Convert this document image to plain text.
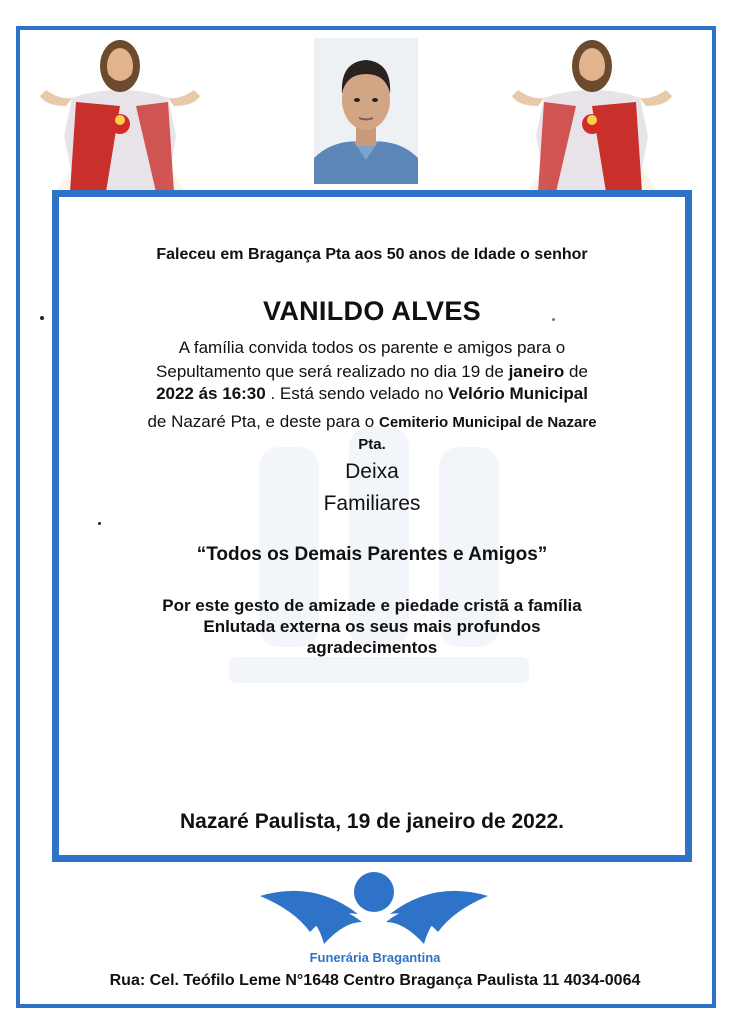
Faleceu em Bragança Pta aos 50 anos de Idade o senhor
VANILDO ALVES
A família convida todos os parente e amigos para o
Sepultamento que será realizado no dia 19 de janeiro de
2022 ás 16:30 . Está sendo velado no Velório Municipal
de Nazaré Pta, e deste para o Cemiterio Municipal de Nazare
Pta.
Deixa
Familiares
“Todos os Demais Parentes e Amigos”
Por este gesto de amizade e piedade cristã a família
Enlutada externa os seus mais profundos
agradecimentos
Nazaré Paulista, 19 de janeiro de 2022.
Funerária Bragantina
Rua: Cel. Teófilo Leme N°1648 Centro Bragança Paulista 11 4034-0064
